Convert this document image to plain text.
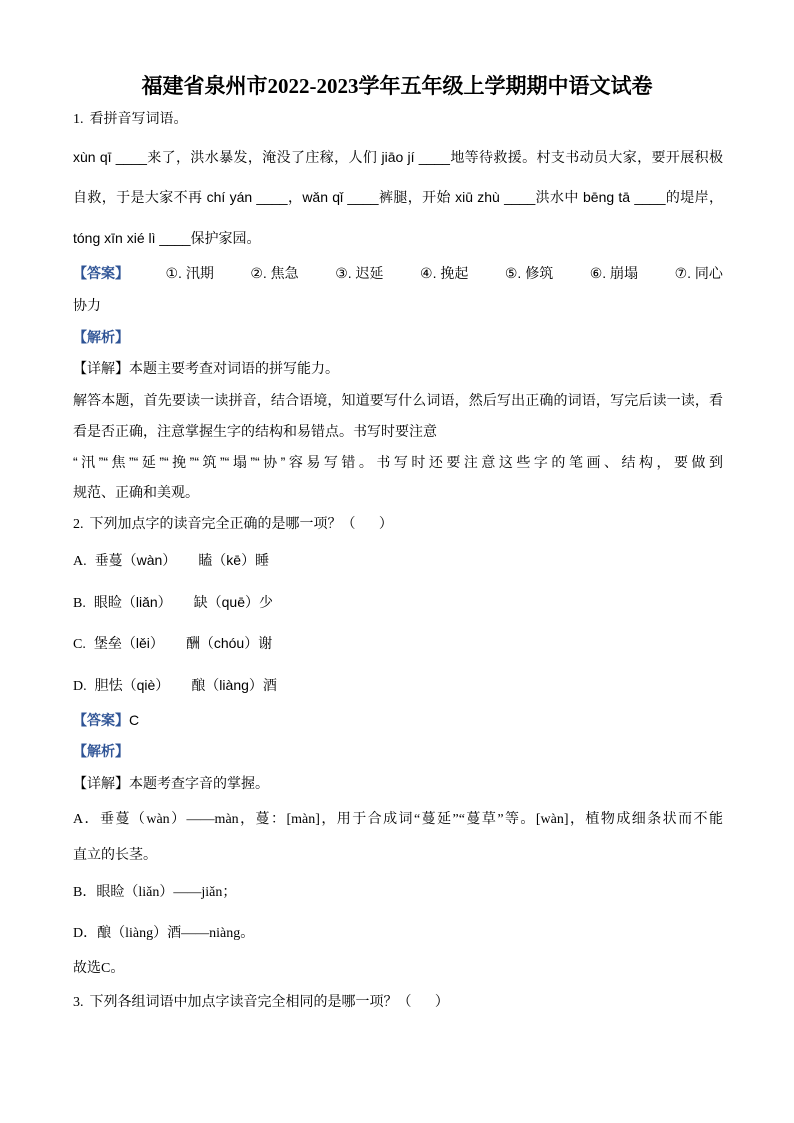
福建省泉州市2022-2023学年五年级上学期期中语文试卷
1. 看拼音写词语。
xùn qī ____来了，洪水暴发，淹没了庄稼，人们 jiāo jí ____地等待救援。村支书动员大家，要开展积极
自救，于是大家不再 chí yán ____，wǎn qǐ ____裤腿，开始 xiū zhù ____洪水中 bēng tā ____的堤岸，
tóng xīn xié lì ____保护家园。
【答案】	①. 汛期	②. 焦急	③. 迟延	④. 挽起	⑤. 修筑	⑥. 崩塌	⑦. 同心
协力
【解析】
【详解】本题主要考查对词语的拼写能力。
解答本题，首先要读一读拼音，结合语境，知道要写什么词语，然后写出正确的词语，写完后读一读，看
看是否正确，注意掌握生字的结构和易错点。书写时要注意
“汛”“焦”“延”“挽”“筑”“塌”“协”容易写错。书写时还要注意这些字的笔画、结构，要做到
规范、正确和美观。
2. 下列加点字的读音完全正确的是哪一项？（      ）
A. 垂蔓（wàn） 瞌（kē）睡
B. 眼睑（liǎn） 缺（quē）少
C. 堡垒（lěi） 酬（chóu）谢
D. 胆怯（qiè） 酿（liàng）酒
【答案】C
【解析】
【详解】本题考查字音的掌握。
A．垂蔓（wàn）——màn，蔓：[màn]，用于合成词“蔓延”“蔓草”等。[wàn]，植物成细条状而不能
直立的长茎。
B．眼睑（liǎn）——jiǎn；
D．酿（liàng）酒——niàng。
故选C。
3. 下列各组词语中加点字读音完全相同的是哪一项？（      ）
